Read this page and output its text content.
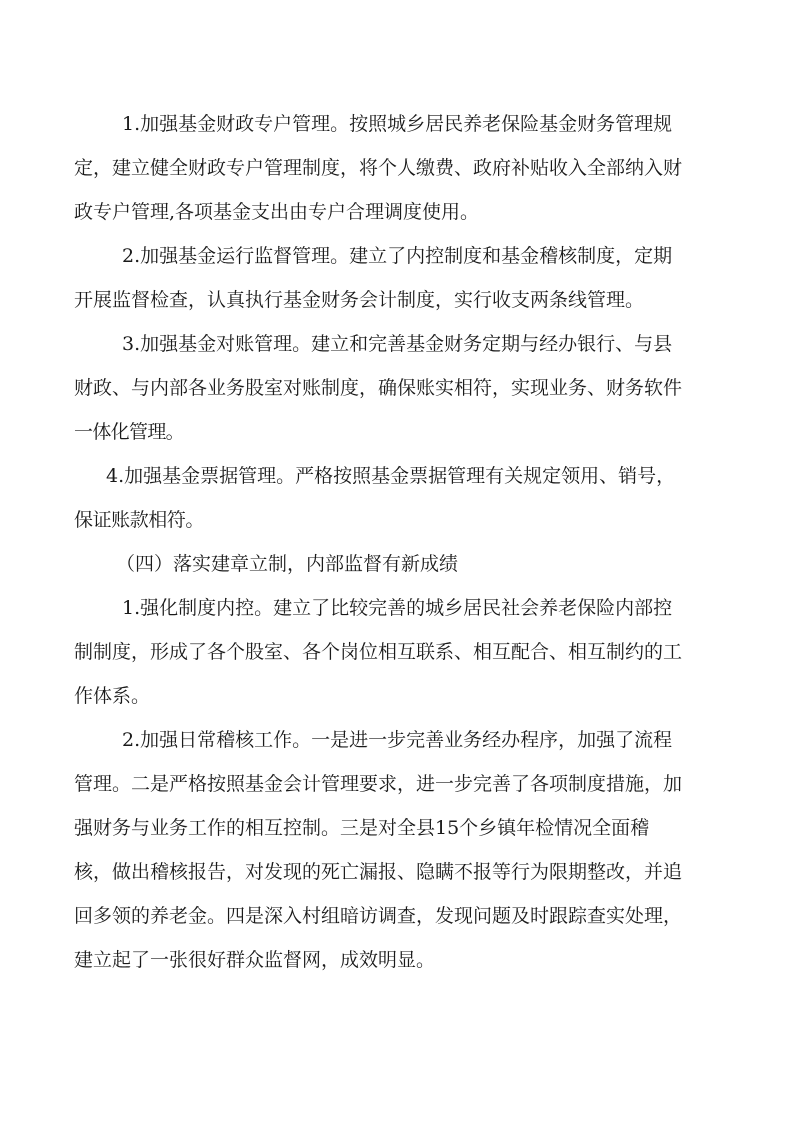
1.加强基金财政专户管理。按照城乡居民养老保险基金财务管理规
定，建立健全财政专户管理制度，将个人缴费、政府补贴收入全部纳入财
政专户管理,各项基金支出由专户合理调度使用。
2.加强基金运行监督管理。建立了内控制度和基金稽核制度，定期
开展监督检查，认真执行基金财务会计制度，实行收支两条线管理。
3.加强基金对账管理。建立和完善基金财务定期与经办银行、与县
财政、与内部各业务股室对账制度，确保账实相符，实现业务、财务软件
一体化管理。
4.加强基金票据管理。严格按照基金票据管理有关规定领用、销号，
保证账款相符。
（四）落实建章立制，内部监督有新成绩
1.强化制度内控。建立了比较完善的城乡居民社会养老保险内部控
制制度，形成了各个股室、各个岗位相互联系、相互配合、相互制约的工
作体系。
2.加强日常稽核工作。一是进一步完善业务经办程序，加强了流程
管理。二是严格按照基金会计管理要求，进一步完善了各项制度措施，加
强财务与业务工作的相互控制。三是对全县15个乡镇年检情况全面稽
核，做出稽核报告，对发现的死亡漏报、隐瞒不报等行为限期整改，并追
回多领的养老金。四是深入村组暗访调查，发现问题及时跟踪查实处理，
建立起了一张很好群众监督网，成效明显。
